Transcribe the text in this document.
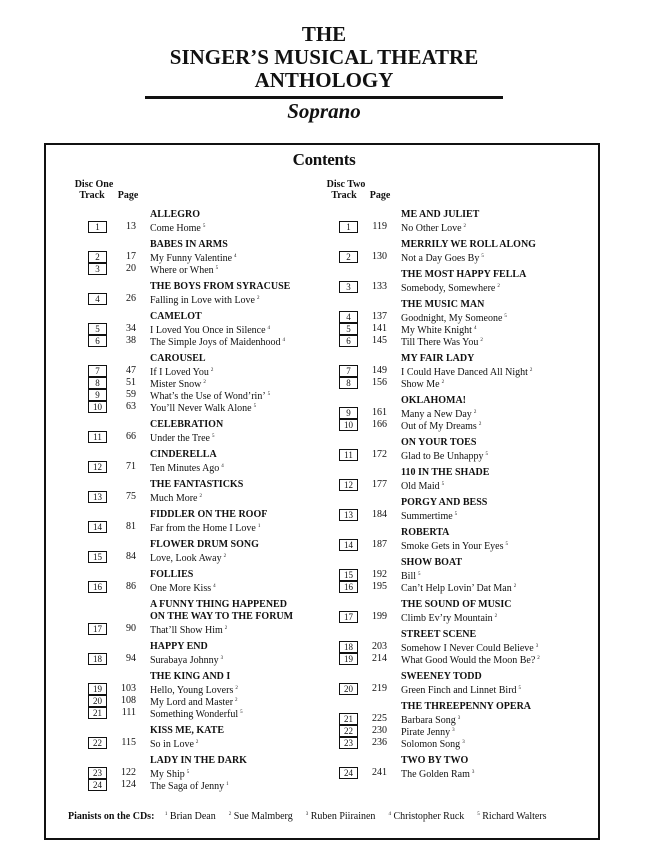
THE
SINGER’S MUSICAL THEATRE
ANTHOLOGY
Soprano
Contents
Disc One
Track	Page
Disc Two
Track	Page
ALLEGRO
1	13 Come Home $^5$
BABES IN ARMS
2	17 My Funny Valentine $^4$
3	20 Where or When $^5$
THE BOYS FROM SYRACUSE
4	26 Falling in Love with Love $^2$
CAMELOT
5	34 I Loved You Once in Silence $^4$
6	38 The Simple Joys of Maidenhood $^4$
CAROUSEL
7	47 If I Loved You $^2$
8	51 Mister Snow $^2$
9	59 What’s the Use of Wond’rin’ $^5$
10	63 You’ll Never Walk Alone $^5$
CELEBRATION
11	66 Under the Tree $^5$
CINDERELLA
12	71 Ten Minutes Ago $^4$
THE FANTASTICKS
13	75 Much More $^2$
FIDDLER ON THE ROOF
14	81 Far from the Home I Love $^1$
FLOWER DRUM SONG
15	84 Love, Look Away $^2$
FOLLIES
16	86 One More Kiss $^4$
A FUNNY THING HAPPENED
ON THE WAY TO THE FORUM
17	90 That’ll Show Him $^2$
HAPPY END
18	94 Surabaya Johnny $^3$
THE KING AND I
19	103 Hello, Young Lovers $^2$
20	108 My Lord and Master $^2$
21	111 Something Wonderful $^5$
KISS ME, KATE
22	115 So in Love $^2$
LADY IN THE DARK
23	122 My Ship $^5$
24	124 The Saga of Jenny $^1$
ME AND JULIET
1	119 No Other Love $^2$
MERRILY WE ROLL ALONG
2	130 Not a Day Goes By $^5$
THE MOST HAPPY FELLA
3	133 Somebody, Somewhere $^2$
THE MUSIC MAN
4	137 Goodnight, My Someone $^5$
5	141 My White Knight $^4$
6	145 Till There Was You $^2$
MY FAIR LADY
7	149 I Could Have Danced All Night $^2$
8	156 Show Me $^2$
OKLAHOMA!
9	161 Many a New Day $^2$
10	166 Out of My Dreams $^2$
ON YOUR TOES
11	172 Glad to Be Unhappy $^5$
110 IN THE SHADE
12	177 Old Maid $^5$
PORGY AND BESS
13	184 Summertime $^5$
ROBERTA
14	187 Smoke Gets in Your Eyes $^5$
SHOW BOAT
15	192 Bill $^5$
16	195 Can’t Help Lovin’ Dat Man $^2$
THE SOUND OF MUSIC
17	199 Climb Ev’ry Mountain $^2$
STREET SCENE
18	203 Somehow I Never Could Believe $^3$
19	214 What Good Would the Moon Be? $^2$
SWEENEY TODD
20	219 Green Finch and Linnet Bird $^5$
THE THREEPENNY OPERA
21	225 Barbara Song $^3$
22	230 Pirate Jenny $^3$
23	236 Solomon Song $^3$
TWO BY TWO
24	241 The Golden Ram $^3$
Pianists on the CDs: $^1$ Brian Dean	$^2$ Sue Malmberg	$^3$ Ruben Piirainen	$^4$ Christopher Ruck	$^5$ Richard Walters
